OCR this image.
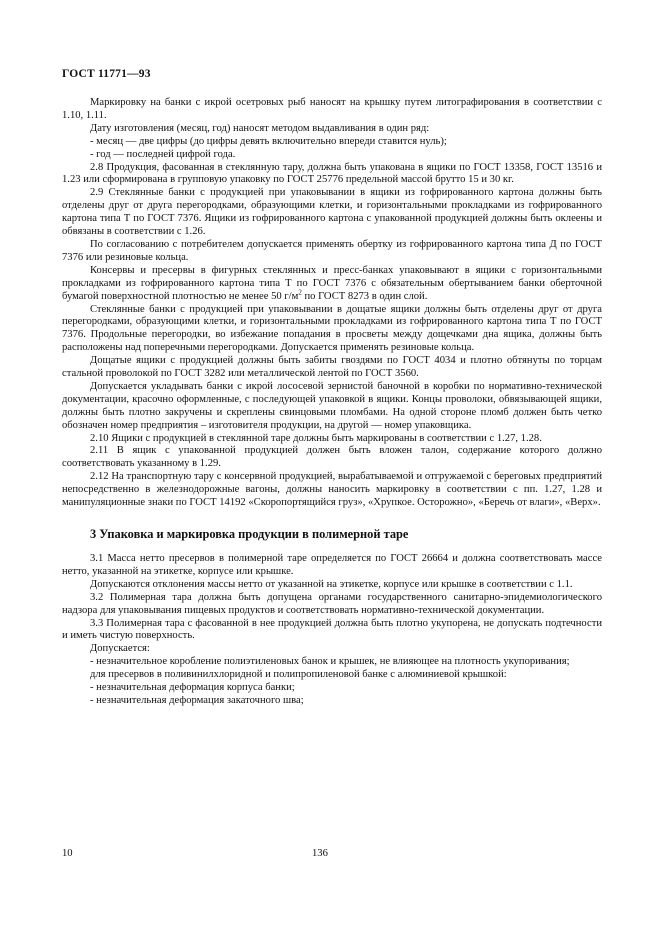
ГОСТ 11771—93

Маркировку на банки с икрой осетровых рыб наносят на крышку путем литографирования в соответствии с 1.10, 1.11.

Дату изготовления (месяц, год) наносят методом выдавливания в один ряд:

- месяц — две цифры (до цифры девять включительно впереди ставится нуль);

- год — последней цифрой года.

2.8 Продукция, фасованная в стеклянную тару, должна быть упакована в ящики по ГОСТ 13358, ГОСТ 13516 и 1.23 или сформирована в групповую упаковку по ГОСТ 25776 предельной массой брутто 15 и 30 кг.

2.9 Стеклянные банки с продукцией при упаковывании в ящики из гофрированного картона должны быть отделены друг от друга перегородками, образующими клетки, и горизонтальными прокладками из гофрированного картона типа Т по ГОСТ 7376. Ящики из гофрированного картона с упакованной продукцией должны быть оклеены и обвязаны в соответствии с 1.26.

По согласованию с потребителем допускается применять обертку из гофрированного картона типа Д по ГОСТ 7376 или резиновые кольца.

Консервы и пресервы в фигурных стеклянных и пресс-банках упаковывают в ящики с горизонтальными прокладками из гофрированного картона типа Т по ГОСТ 7376 с обязательным обертыванием банки оберточной бумагой поверхностной плотностью не менее 50 $г/м^2$ по ГОСТ 8273 в один слой.

Стеклянные банки с продукцией при упаковывании в дощатые ящики должны быть отделены друг от друга перегородками, образующими клетки, и горизонтальными прокладками из гофрированного картона типа Т по ГОСТ 7376. Продольные перегородки, во избежание попадания в просветы между дощечками дна ящика, должны быть расположены над поперечными перегородками. Допускается применять резиновые кольца.

Дощатые ящики с продукцией должны быть забиты гвоздями по ГОСТ 4034 и плотно обтянуты по торцам стальной проволокой по ГОСТ 3282 или металлической лентой по ГОСТ 3560.

Допускается укладывать банки с икрой лососевой зернистой баночной в коробки по нормативно-технической документации, красочно оформленные, с последующей упаковкой в ящики. Концы проволоки, обвязывающей ящики, должны быть плотно закручены и скреплены свинцовыми пломбами. На одной стороне пломб должен быть четко обозначен номер предприятия – изготовителя продукции, на другой — номер упаковщика.

2.10 Ящики с продукцией в стеклянной таре должны быть маркированы в соответствии с 1.27, 1.28.

2.11 В ящик с упакованной продукцией должен быть вложен талон, содержание которого должно соответствовать указанному в 1.29.

2.12 На транспортную тару с консервной продукцией, вырабатываемой и отгружаемой с береговых предприятий непосредственно в железнодорожные вагоны, должны наносить маркировку в соответствии с пп. 1.27, 1.28 и манипуляционные знаки по ГОСТ 14192 «Скоропортящийся груз», «Хрупкое. Осторожно», «Беречь от влаги», «Верх».

3 Упаковка и маркировка продукции в полимерной таре

3.1 Масса нетто пресервов в полимерной таре определяется по ГОСТ 26664 и должна соответствовать массе нетто, указанной на этикетке, корпусе или крышке.

Допускаются отклонения массы нетто от указанной на этикетке, корпусе или крышке в соответствии с 1.1.

3.2 Полимерная тара должна быть допущена органами государственного санитарно-эпидемиологического надзора для упаковывания пищевых продуктов и соответствовать нормативно-технической документации.

3.3 Полимерная тара с фасованной в нее продукцией должна быть плотно укупорена, не допускать подтечности и иметь чистую поверхность.

Допускается:

- незначительное коробление полиэтиленовых банок и крышек, не влияющее на плотность укупоривания;

для пресервов в поливинилхлоридной и полипропиленовой банке с алюминиевой крышкой:

- незначительная деформация корпуса банки;

- незначительная деформация закаточного шва;

10	136
